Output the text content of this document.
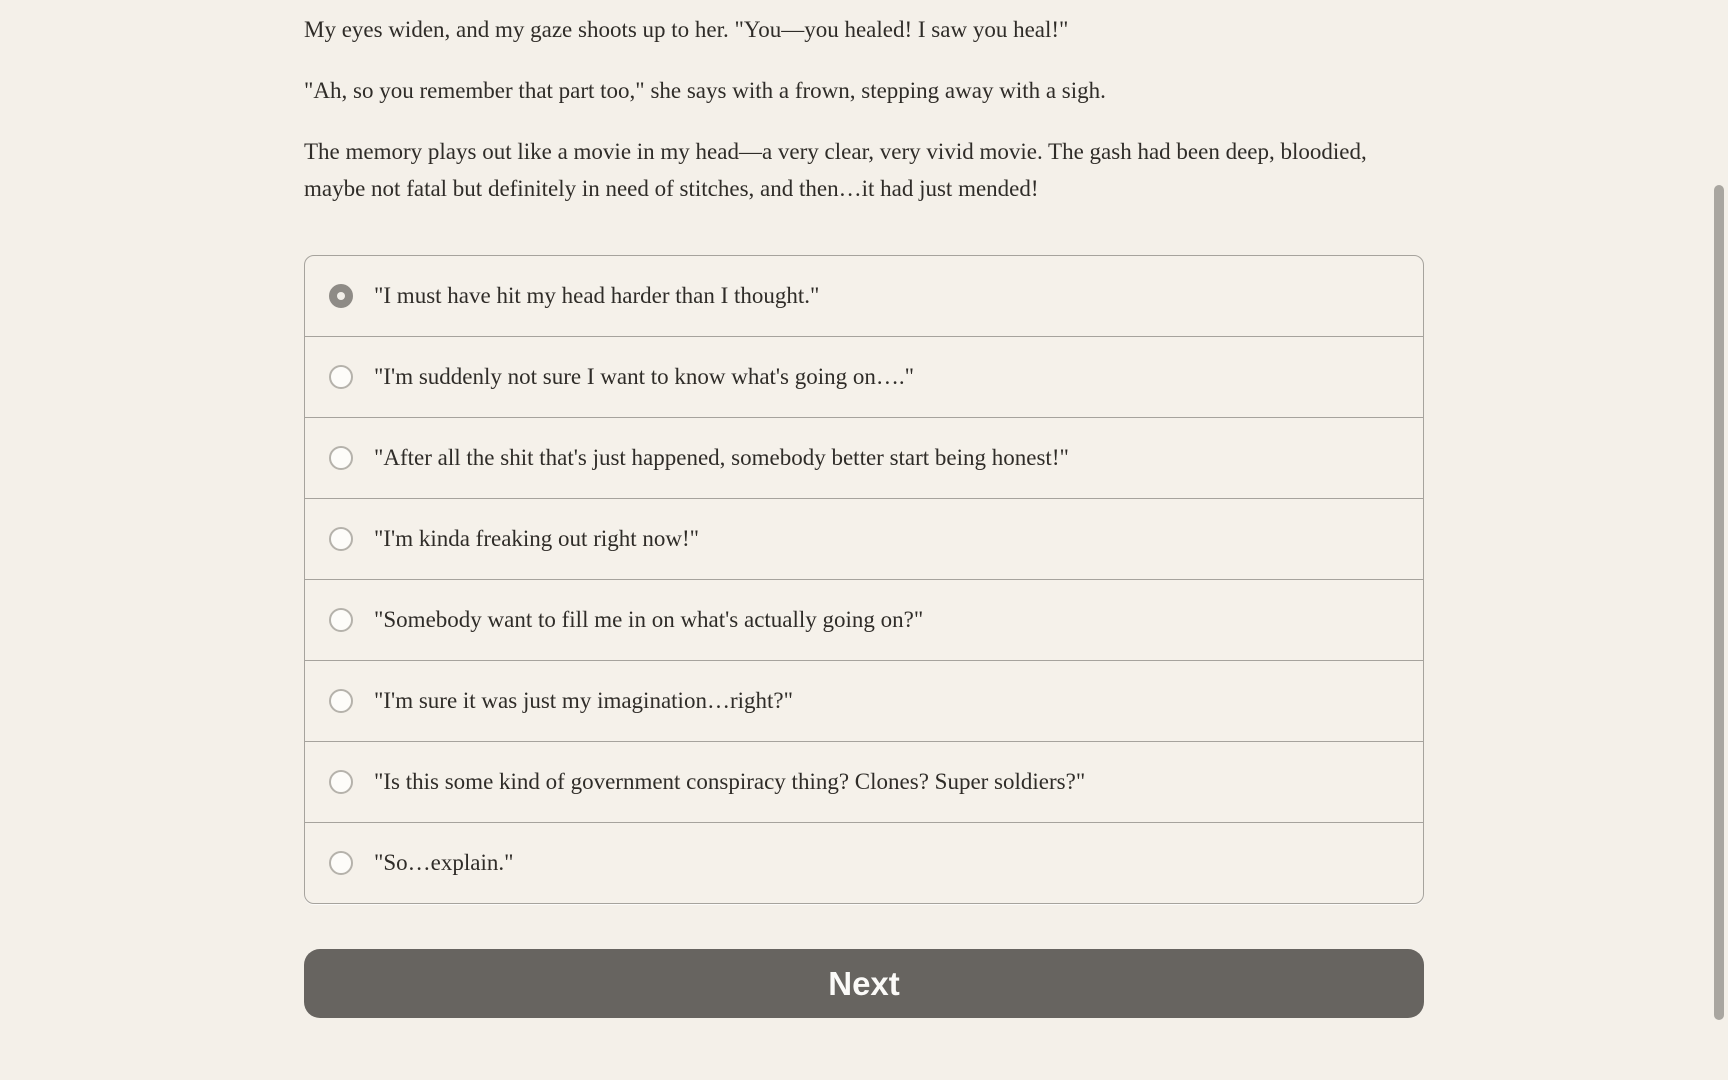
My eyes widen, and my gaze shoots up to her. "You—you healed! I saw you heal!"

"Ah, so you remember that part too," she says with a frown, stepping away with a sigh.

The memory plays out like a movie in my head—a very clear, very vivid movie. The gash had been deep, bloodied, maybe not fatal but definitely in need of stitches, and then…it had just mended!

"I must have hit my head harder than I thought."
"I'm suddenly not sure I want to know what's going on…."
"After all the shit that's just happened, somebody better start being honest!"
"I'm kinda freaking out right now!"
"Somebody want to fill me in on what's actually going on?"
"I'm sure it was just my imagination…right?"
"Is this some kind of government conspiracy thing? Clones? Super soldiers?"
"So…explain."
Next
